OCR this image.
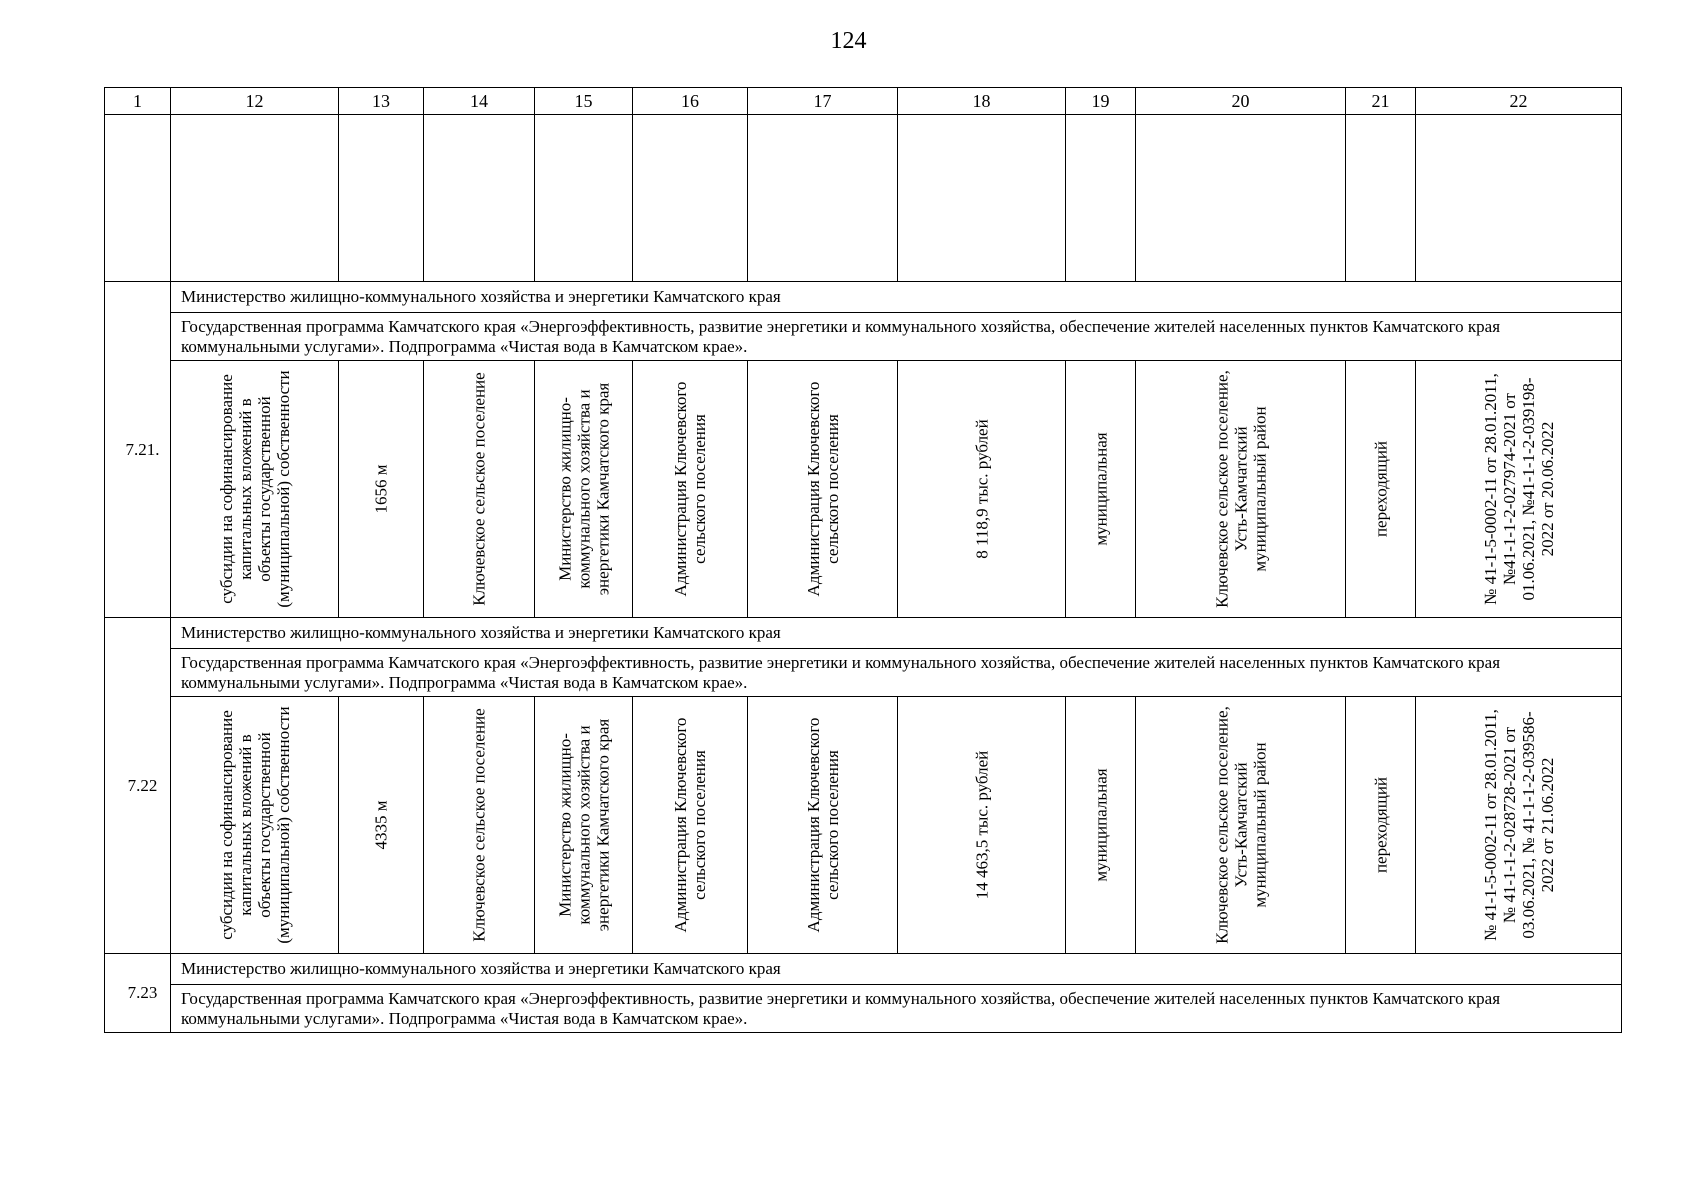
124
1	12	13	14	15	16	17	18	19	20	21	22

7.21.	Министерство жилищно-коммунального хозяйства и энергетики Камчатского края										
	Государственная программа Камчатского края «Энергоэффективность, развитие энергетики и коммунального хозяйства, обеспечение жителей населенных пунктов Камчатского края коммунальными услугами». Подпрограмма «Чистая вода в Камчатском крае».										

	субсидии на софинансирование капитальных вложений в объекты государственной (муниципальной) собственности	1656 м	Ключевское сельское поселение	Министерство жилищно-коммунального хозяйства и энергетики Камчатского края	Администрация Ключевского сельского поселения	Администрация Ключевского сельского поселения	8 118,9 тыс. рублей	муниципальная	Ключевское сельское поселение, Усть-Камчатский муниципальный район	переходящий	№ 41-1-5-0002-11 от 28.01.2011, №41-1-1-2-027974-2021 от 01.06.2021, №41-1-1-2-039198-2022 от 20.06.2022

7.22	Министерство жилищно-коммунального хозяйства и энергетики Камчатского края										
	Государственная программа Камчатского края «Энергоэффективность, развитие энергетики и коммунального хозяйства, обеспечение жителей населенных пунктов Камчатского края коммунальными услугами». Подпрограмма «Чистая вода в Камчатском крае».										

	субсидии на софинансирование капитальных вложений в объекты государственной (муниципальной) собственности	4335 м	Ключевское сельское поселение	Министерство жилищно-коммунального хозяйства и энергетики Камчатского края	Администрация Ключевского сельского поселения	Администрация Ключевского сельского поселения	14 463,5 тыс. рублей	муниципальная	Ключевское сельское поселение, Усть-Камчатский муниципальный район	переходящий	№ 41-1-5-0002-11 от 28.01.2011, № 41-1-1-2-028728-2021 от 03.06.2021, № 41-1-1-2-039586-2022 от 21.06.2022

7.23	Министерство жилищно-коммунального хозяйства и энергетики Камчатского края										
	Государственная программа Камчатского края «Энергоэффективность, развитие энергетики и коммунального хозяйства, обеспечение жителей населенных пунктов Камчатского края коммунальными услугами». Подпрограмма «Чистая вода в Камчатском крае».										
